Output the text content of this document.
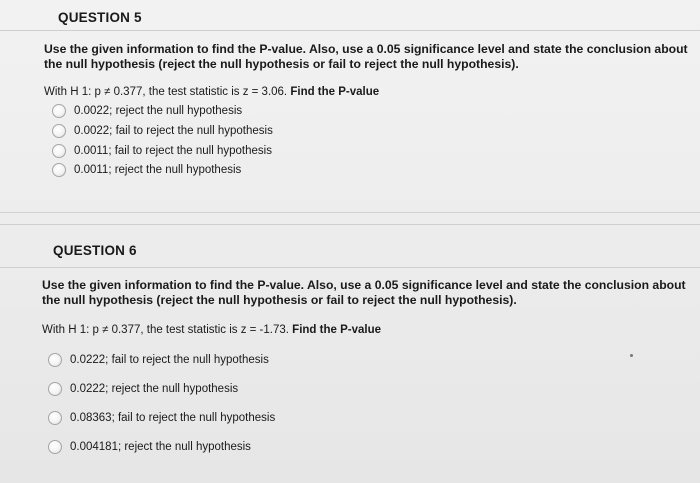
QUESTION 5
Use the given information to find the P-value. Also, use a 0.05 significance level and state the conclusion about the null hypothesis (reject the null hypothesis or fail to reject the null hypothesis).
With H 1: p ≠ 0.377, the test statistic is z = 3.06. Find the P-value
0.0022; reject the null hypothesis
0.0022; fail to reject the null hypothesis
0.0011; fail to reject the null hypothesis
0.0011; reject the null hypothesis
QUESTION 6
Use the given information to find the P-value. Also, use a 0.05 significance level and state the conclusion about the null hypothesis (reject the null hypothesis or fail to reject the null hypothesis).
With H 1: p ≠ 0.377, the test statistic is z = -1.73. Find the P-value
0.0222; fail to reject the null hypothesis
0.0222; reject the null hypothesis
0.08363; fail to reject the null hypothesis
0.004181; reject the null hypothesis
